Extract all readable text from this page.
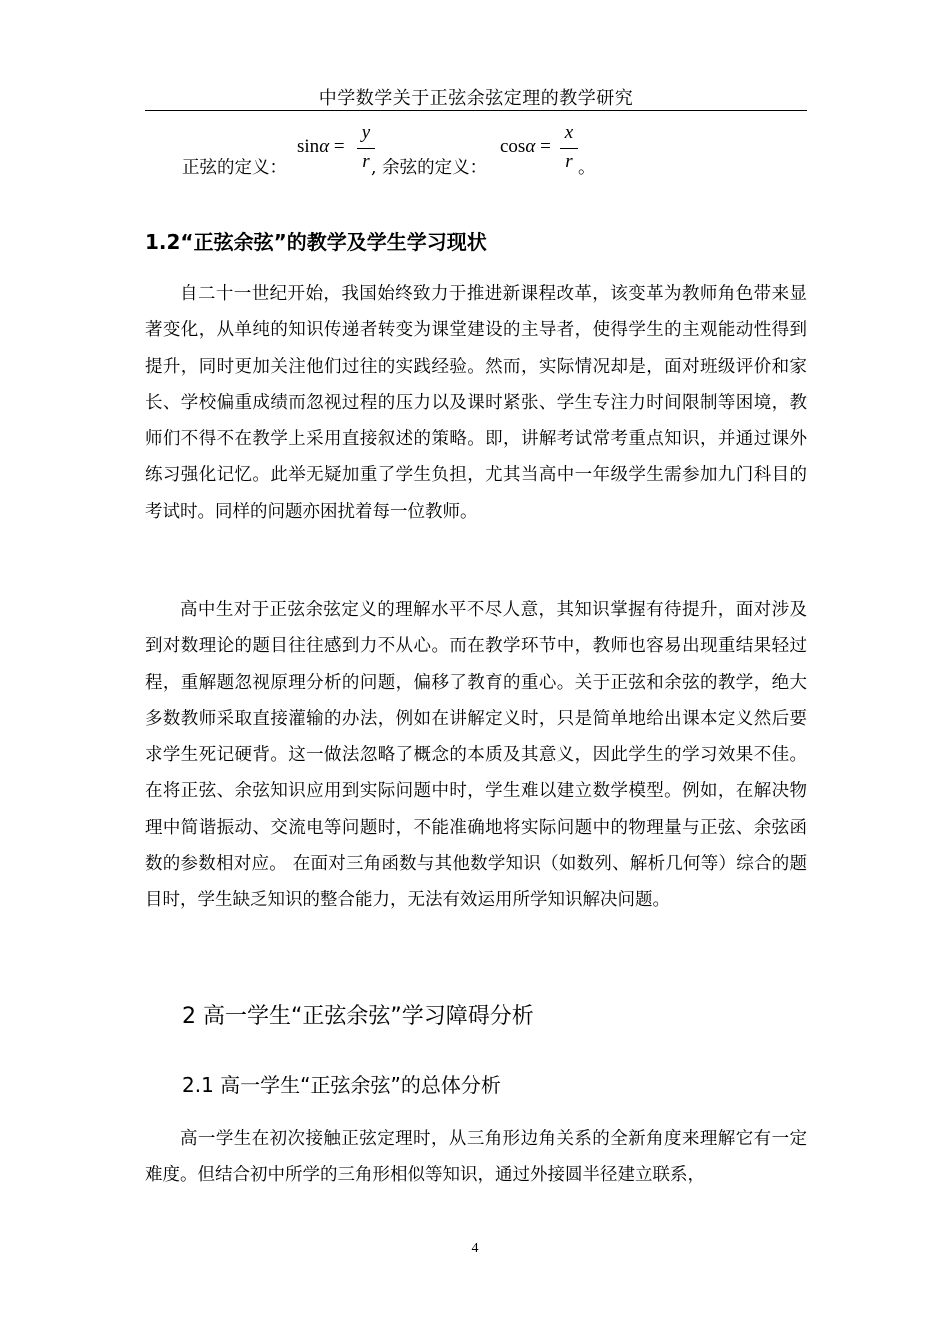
中学数学关于正弦余弦定理的教学研究
正弦的定义：
sinα =
y
r , 余弦的定义：
cosα =
x
r 。
1.2“正弦余弦”的教学及学生学习现状

自二十一世纪开始，我国始终致力于推进新课程改革，该变革为教师角色带来显著变化，从单纯的知识传递者转变为课堂建设的主导者，使得学生的主观能动性得到提升，同时更加关注他们过往的实践经验。然而，实际情况却是，面对班级评价和家长、学校偏重成绩而忽视过程的压力以及课时紧张、学生专注力时间限制等困境，教师们不得不在教学上采用直接叙述的策略。即，讲解考试常考重点知识，并通过课外练习强化记忆。此举无疑加重了学生负担，尤其当高中一年级学生需参加九门科目的考试时。同样的问题亦困扰着每一位教师。

高中生对于正弦余弦定义的理解水平不尽人意，其知识掌握有待提升，面对涉及到对数理论的题目往往感到力不从心。而在教学环节中，教师也容易出现重结果轻过程，重解题忽视原理分析的问题，偏移了教育的重心。关于正弦和余弦的教学，绝大多数教师采取直接灌输的办法，例如在讲解定义时，只是简单地给出课本定义然后要求学生死记硬背。这一做法忽略了概念的本质及其意义，因此学生的学习效果不佳。在将正弦、余弦知识应用到实际问题中时，学生难以建立数学模型。例如，在解决物理中简谐振动、交流电等问题时，不能准确地将实际问题中的物理量与正弦、余弦函数的参数相对应。 在面对三角函数与其他数学知识（如数列、解析几何等）综合的题目时，学生缺乏知识的整合能力，无法有效运用所学知识解决问题。

2 高一学生“正弦余弦”学习障碍分析
2.1 高一学生“正弦余弦”的总体分析

高一学生在初次接触正弦定理时，从三角形边角关系的全新角度来理解它有一定难度。但结合初中所学的三角形相似等知识，通过外接圆半径建立联系，

4
